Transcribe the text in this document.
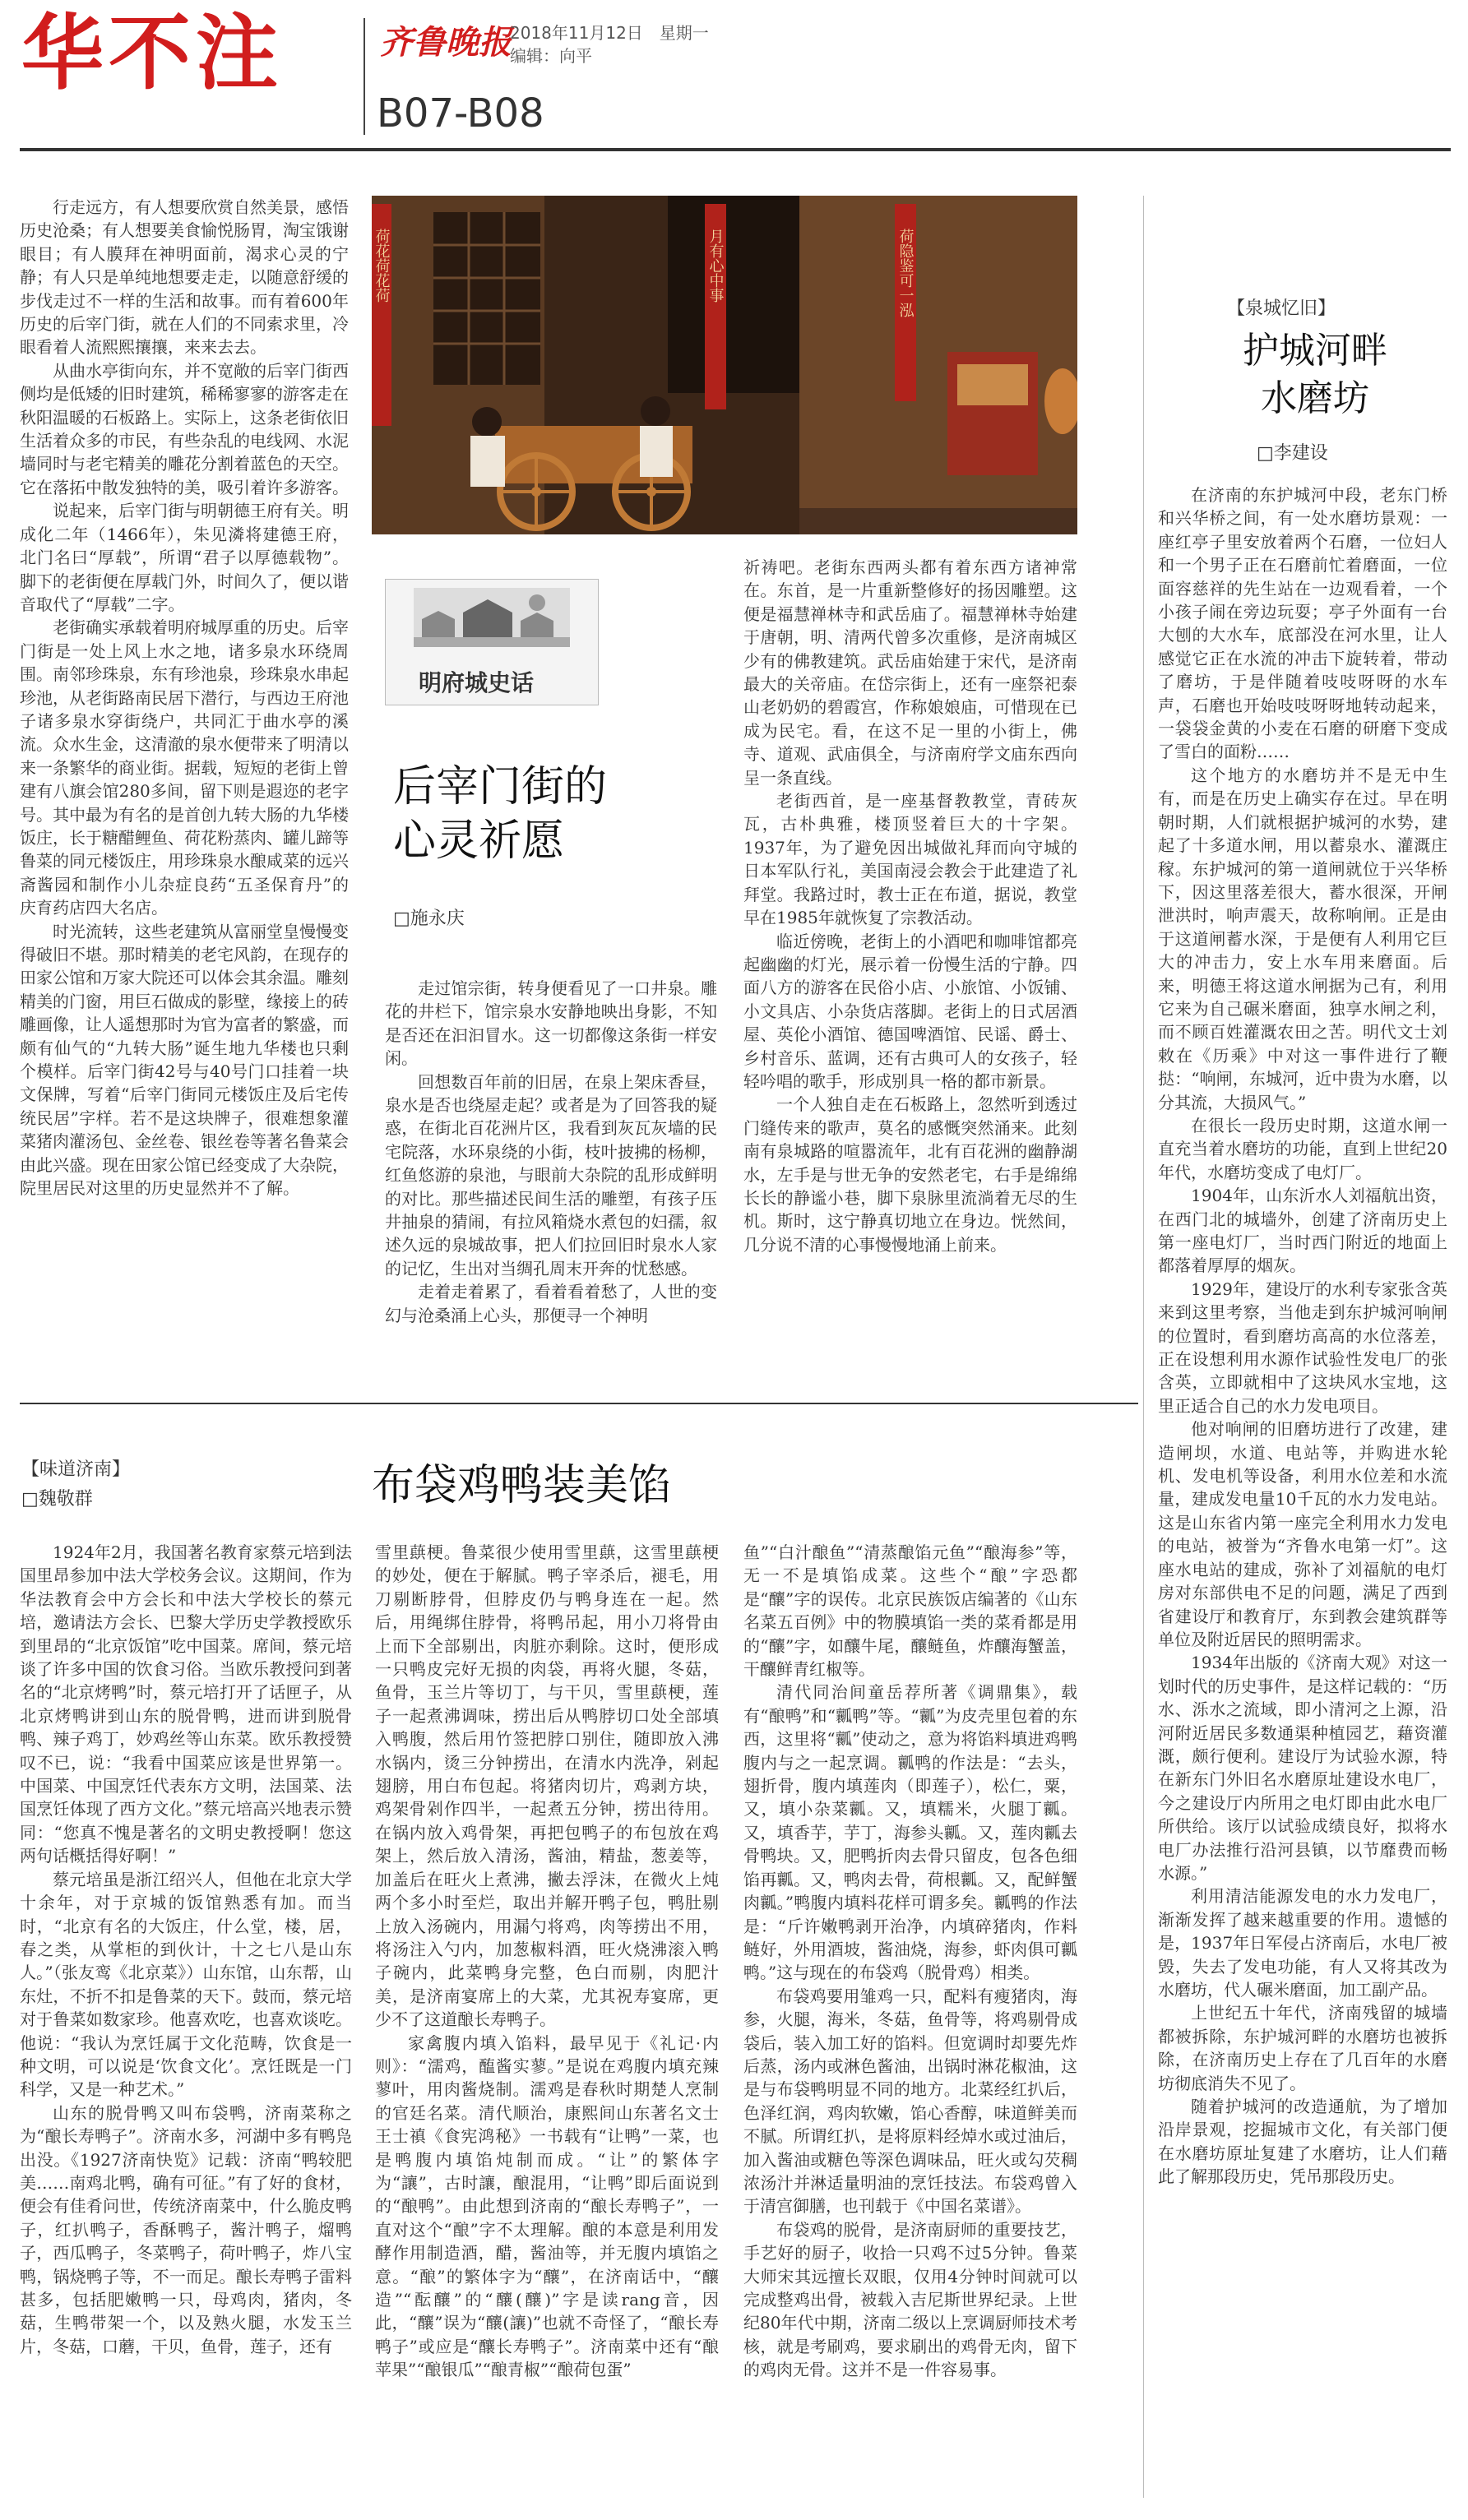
华不注	齐鲁晚报
2018年11月12日　星期一
编辑：向平
B07-B08

行走远方，有人想要欣赏自然美景，感悟历史沧桑；有人想要美食愉悦肠胃，淘宝饿谢眼目；有人膜拜在神明面前，渴求心灵的宁静；有人只是单纯地想要走走，以随意舒缓的步伐走过不一样的生活和故事。而有着600年历史的后宰门街，就在人们的不同索求里，冷眼看着人流熙熙攘攘，来来去去。

从曲水亭街向东，并不宽敞的后宰门街西侧均是低矮的旧时建筑，稀稀寥寥的游客走在秋阳温暖的石板路上。实际上，这条老街依旧生活着众多的市民，有些杂乱的电线网、水泥墙同时与老宅精美的雕花分割着蓝色的天空。它在落拓中散发独特的美，吸引着许多游客。

说起来，后宰门街与明朝德王府有关。明成化二年（1466年），朱见潾将建德王府，北门名曰“厚载”，所谓“君子以厚德载物”。脚下的老街便在厚载门外，时间久了，便以谐音取代了“厚载”二字。

老街确实承载着明府城厚重的历史。后宰门街是一处上风上水之地，诸多泉水环绕周围。南邻珍珠泉，东有珍池泉，珍珠泉水串起珍池，从老街路南民居下潜行，与西边王府池子诸多泉水穿街绕户，共同汇于曲水亭的溪流。众水生金，这清澈的泉水便带来了明清以来一条繁华的商业街。据载，短短的老街上曾建有八旗会馆280多间，留下则是遐迩的老字号。其中最为有名的是首创九转大肠的九华楼饭庄，长于糖醋鲤鱼、荷花粉蒸肉、罐儿蹄等鲁菜的同元楼饭庄，用珍珠泉水酿咸菜的远兴斋酱园和制作小儿杂症良药“五圣保育丹”的庆育药店四大名店。

时光流转，这些老建筑从富丽堂皇慢慢变得破旧不堪。那时精美的老宅风韵，在现存的田家公馆和万家大院还可以体会其余温。雕刻精美的门窗，用巨石做成的影壁，缘接上的砖雕画像，让人遥想那时为官为富者的繁盛，而颇有仙气的“九转大肠”诞生地九华楼也只剩个模样。后宰门街42号与40号门口挂着一块文保牌，写着“后宰门街同元楼饭庄及后宅传统民居”字样。若不是这块牌子，很难想象灌菜猪肉灌汤包、金丝卷、银丝卷等著名鲁菜会由此兴盛。现在田家公馆已经变成了大杂院，院里居民对这里的历史显然并不了解。

荷花荷花荷	月有心中事	荷隐鉴可一泓
明府城史话
后宰门街的
心灵祈愿
□施永庆

走过馆宗街，转身便看见了一口井泉。雕花的井栏下，馆宗泉水安静地映出身影，不知是否还在汩汩冒水。这一切都像这条街一样安闲。

回想数百年前的旧居，在泉上架床香昼，泉水是否也绕屋走起？或者是为了回答我的疑惑，在街北百花洲片区，我看到灰瓦灰墙的民宅院落，水环泉绕的小街，枝叶披拂的杨柳，红鱼悠游的泉池，与眼前大杂院的乱形成鲜明的对比。那些描述民间生活的雕塑，有孩子压井抽泉的猜闹，有拉风箱烧水煮包的妇孺，叙述久远的泉城故事，把人们拉回旧时泉水人家的记忆，生出对当绸孔周末开奔的忧愁感。

走着走着累了，看着看着愁了，人世的变幻与沧桑涌上心头，那便寻一个神明

祈祷吧。老街东西两头都有着东西方诸神常在。东首，是一片重新整修好的扬因雕塑。这便是福慧禅林寺和武岳庙了。福慧禅林寺始建于唐朝，明、清两代曾多次重修，是济南城区少有的佛教建筑。武岳庙始建于宋代，是济南最大的关帝庙。在岱宗街上，还有一座祭祀泰山老奶奶的碧霞宫，作称娘娘庙，可惜现在已成为民宅。看，在这不足一里的小街上，佛寺、道观、武庙俱全，与济南府学文庙东西向呈一条直线。

老街西首，是一座基督教教堂，青砖灰瓦，古朴典雅，楼顶竖着巨大的十字架。1937年，为了避免因出城做礼拜而向守城的日本军队行礼，美国南浸会教会于此建造了礼拜堂。我路过时，教士正在布道，据说，教堂早在1985年就恢复了宗教活动。

临近傍晚，老街上的小酒吧和咖啡馆都亮起幽幽的灯光，展示着一份慢生活的宁静。四面八方的游客在民俗小店、小旅馆、小饭铺、小文具店、小杂货店落脚。老街上的日式居酒屋、英伦小酒馆、德国啤酒馆、民谣、爵士、乡村音乐、蓝调，还有古典可人的女孩子，轻轻吟唱的歌手，形成别具一格的都市新景。

一个人独自走在石板路上，忽然听到透过门缝传来的歌声，莫名的感慨突然涌来。此刻南有泉城路的喧嚣流年，北有百花洲的幽静湖水，左手是与世无争的安然老宅，右手是绵绵长长的静谧小巷，脚下泉脉里流淌着无尽的生机。斯时，这宁静真切地立在身边。恍然间，几分说不清的心事慢慢地涌上前来。

【泉城忆旧】
护城河畔
水磨坊
□李建设

在济南的东护城河中段，老东门桥和兴华桥之间，有一处水磨坊景观：一座红亭子里安放着两个石磨，一位妇人和一个男子正在石磨前忙着磨面，一位面容慈祥的先生站在一边观看着，一个小孩子闹在旁边玩耍；亭子外面有一台大刨的大水车，底部没在河水里，让人感觉它正在水流的冲击下旋转着，带动了磨坊，于是伴随着吱吱呀呀的水车声，石磨也开始吱吱呀呀地转动起来，一袋袋金黄的小麦在石磨的研磨下变成了雪白的面粉……

这个地方的水磨坊并不是无中生有，而是在历史上确实存在过。早在明朝时期，人们就根据护城河的水势，建起了十多道水闸，用以蓄泉水、灌溉庄稼。东护城河的第一道闸就位于兴华桥下，因这里落差很大，蓄水很深，开闸泄洪时，响声震天，故称响闸。正是由于这道闸蓄水深，于是便有人利用它巨大的冲击力，安上水车用来磨面。后来，明德王将这道水闸据为己有，利用它来为自己碾米磨面，独享水闸之利，而不顾百姓灌溉农田之苦。明代文士刘敕在《历乘》中对这一事件进行了鞭挞：“响闸，东城河，近中贵为水磨，以分其流，大损风气。”

在很长一段历史时期，这道水闸一直充当着水磨坊的功能，直到上世纪20年代，水磨坊变成了电灯厂。

1904年，山东沂水人刘福航出资，在西门北的城墙外，创建了济南历史上第一座电灯厂，当时西门附近的地面上都落着厚厚的烟灰。

1929年，建设厅的水利专家张含英来到这里考察，当他走到东护城河响闸的位置时，看到磨坊高高的水位落差，正在设想利用水源作试验性发电厂的张含英，立即就相中了这块风水宝地，这里正适合自己的水力发电项目。

他对响闸的旧磨坊进行了改建，建造闸坝，水道、电站等，并购进水轮机、发电机等设备，利用水位差和水流量，建成发电量10千瓦的水力发电站。这是山东省内第一座完全利用水力发电的电站，被誉为“齐鲁水电第一灯”。这座水电站的建成，弥补了刘福航的电灯房对东部供电不足的问题，满足了西到省建设厅和教育厅，东到教会建筑群等单位及附近居民的照明需求。

1934年出版的《济南大观》对这一划时代的历史事件，是这样记载的：“历水、泺水之流域，即小清河之上源，沿河附近居民多数通渠种植园艺，藉资灌溉，颇行便利。建设厅为试验水源，特在新东门外旧名水磨原址建设水电厂，今之建设厅内所用之电灯即由此水电厂所供给。该厅以试验成绩良好，拟将水电厂办法推行沿河县镇，以节靡费而畅水源。”

利用清洁能源发电的水力发电厂，渐渐发挥了越来越重要的作用。遗憾的是，1937年日军侵占济南后，水电厂被毁，失去了发电功能，有人又将其改为水磨坊，代人碾米磨面，加工副产品。

上世纪五十年代，济南残留的城墙都被拆除，东护城河畔的水磨坊也被拆除，在济南历史上存在了几百年的水磨坊彻底消失不见了。

随着护城河的改造通航，为了增加沿岸景观，挖掘城市文化，有关部门便在水磨坊原址复建了水磨坊，让人们藉此了解那段历史，凭吊那段历史。

【味道济南】
□魏敬群	布袋鸡鸭装美馅

1924年2月，我国著名教育家蔡元培到法国里昂参加中法大学校务会议。这期间，作为华法教育会中方会长和中法大学校长的蔡元培，邀请法方会长、巴黎大学历史学教授欧乐到里昂的“北京饭馆”吃中国菜。席间，蔡元培谈了许多中国的饮食习俗。当欧乐教授问到著名的“北京烤鸭”时，蔡元培打开了话匣子，从北京烤鸭讲到山东的脱骨鸭，进而讲到脱骨鸭、辣子鸡丁，妙鸡丝等山东菜。欧乐教授赞叹不已，说：“我看中国菜应该是世界第一。中国菜、中国烹饪代表东方文明，法国菜、法国烹饪体现了西方文化。”蔡元培高兴地表示赞同：“您真不愧是著名的文明史教授啊！您这两句话概括得好啊！”

蔡元培虽是浙江绍兴人，但他在北京大学十余年，对于京城的饭馆熟悉有加。而当时，“北京有名的大饭庄，什么堂，楼，居，春之类，从掌柜的到伙计，十之七八是山东人。”（张友鸾《北京菜》）山东馆，山东帮，山东灶，不折不扣是鲁菜的天下。鼓而，蔡元培对于鲁菜如数家珍。他喜欢吃，也喜欢谈吃。他说：“我认为烹饪属于文化范畴，饮食是一种文明，可以说是‘饮食文化’。烹饪既是一门科学，又是一种艺术。”

山东的脱骨鸭又叫布袋鸭，济南菜称之为“酿长寿鸭子”。济南水多，河湖中多有鸭凫出没。《1927济南快览》记载：济南“鸭较肥美……南鸡北鸭，确有可征。”有了好的食材，便会有佳肴问世，传统济南菜中，什么脆皮鸭子，红扒鸭子，香酥鸭子，酱汁鸭子，熘鸭子，西瓜鸭子，冬菜鸭子，荷叶鸭子，炸八宝鸭，锅烧鸭子等，不一而足。酿长寿鸭子雷料甚多，包括肥嫩鸭一只，母鸡肉，猪肉，冬菇，生鸭带架一个，以及熟火腿，水发玉兰片，冬菇，口蘑，干贝，鱼骨，莲子，还有

雪里蕻梗。鲁菜很少使用雪里蕻，这雪里蕻梗的妙处，便在于解腻。鸭子宰杀后，褪毛，用刀剔断脖骨，但脖皮仍与鸭身连在一起。然后，用绳绑住脖骨，将鸭吊起，用小刀将骨由上而下全部剔出，肉脏亦剩除。这时，便形成一只鸭皮完好无损的肉袋，再将火腿，冬菇，鱼骨，玉兰片等切丁，与干贝，雪里蕻梗，莲子一起煮沸调味，捞出后从鸭脖切口处全部填入鸭腹，然后用竹签把脖口别住，随即放入沸水锅内，烫三分钟捞出，在清水内洗净，剁起翅膀，用白布包起。将猪肉切片，鸡剥方块，鸡架骨剁作四半，一起煮五分钟，捞出待用。在锅内放入鸡骨架，再把包鸭子的布包放在鸡架上，然后放入清汤，酱油，精盐，葱姜等，加盖后在旺火上煮沸，撇去浮沫，在微火上炖两个多小时至烂，取出并解开鸭子包，鸭肚剔上放入汤碗内，用漏勺将鸡，肉等捞出不用，将汤注入勺内，加葱椒料酒，旺火烧沸滚入鸭子碗内，此菜鸭身完整，色白而剔，肉肥汁美，是济南宴席上的大菜，尤其祝寿宴席，更少不了这道酿长寿鸭子。

家禽腹内填入馅料，最早见于《礼记·内则》：“濡鸡，醢酱实蓼。”是说在鸡腹内填充辣蓼叶，用肉酱烧制。濡鸡是春秋时期楚人烹制的官廷名菜。清代顺治，康熙间山东著名文士王士禛《食宪鸿秘》一书载有“让鸭”一菜，也是鸭腹内填馅炖制而成。“让”的繁体字为“讓”，古时讓，酿混用，“让鸭”即后面说到的“酿鸭”。由此想到济南的“酿长寿鸭子”，一直对这个“酿”字不太理解。酿的本意是利用发酵作用制造酒，醋，酱油等，并无腹内填馅之意。“酿”的繁体字为“釀”，在济南话中，“釀造”“酝釀”的“釀(釀)”字是读rang音，因此，“釀”误为“釀(讓)”也就不奇怪了，“酿长寿鸭子”或应是“釀长寿鸭子”。济南菜中还有“酿苹果”“酿银瓜”“酿青椒”“酿荷包蛋”

鱼”“白汁酿鱼”“清蒸酿馅元鱼”“酿海参”等，无一不是填馅成菜。这些个“酿”字恐都是“釀”字的误传。北京民族饭店编著的《山东名菜五百例》中的物膜填馅一类的菜肴都是用的“釀”字，如釀牛尾，釀鲢鱼，炸釀海蟹盖，干釀鲜青红椒等。

清代同治间童岳荐所著《调鼎集》，载有“酿鸭”和“瓤鸭”等。“瓤”为皮壳里包着的东西，这里将“瓤”使动之，意为将馅料填进鸡鸭腹内与之一起烹调。瓤鸭的作法是：“去头，翅折骨，腹内填莲肉（即莲子），松仁，粟，又，填小杂菜瓤。又，填糯米，火腿丁瓤。又，填香芋，芋丁，海参头瓤。又，莲肉瓤去骨鸭块。又，肥鸭折肉去骨只留皮，包各色细馅再瓤。又，鸭肉去骨，荷根瓤。又，配鲜蟹肉瓤。”鸭腹内填料花样可谓多矣。瓤鸭的作法是：“斤许嫩鸭剥开治净，内填碎猪肉，作料鲢好，外用酒坡，酱油烧，海参，虾肉俱可瓤鸭。”这与现在的布袋鸡（脱骨鸡）相类。

布袋鸡要用雏鸡一只，配料有瘦猪肉，海参，火腿，海米，冬菇，鱼骨等，将鸡剔骨成袋后，装入加工好的馅料。但宽调时却要先炸后蒸，汤内或淋色酱油，出锅时淋花椒油，这是与布袋鸭明显不同的地方。北菜经红扒后，色泽红润，鸡肉软嫩，馅心香醇，味道鲜美而不腻。所谓红扒，是将原料经焯水或过油后，加入酱油或糖色等深色调味品，旺火或勾芡稠浓汤汁并淋适量明油的烹饪技法。布袋鸡曾入于清宫御膳，也刊载于《中国名菜谱》。

布袋鸡的脱骨，是济南厨师的重要技艺，手艺好的厨子，收拾一只鸡不过5分钟。鲁菜大师宋其远擅长双眼，仅用4分钟时间就可以完成整鸡出骨，被载入吉尼斯世界纪录。上世纪80年代中期，济南二级以上烹调厨师技术考核，就是考刷鸡，要求刷出的鸡骨无肉，留下的鸡肉无骨。这并不是一件容易事。
